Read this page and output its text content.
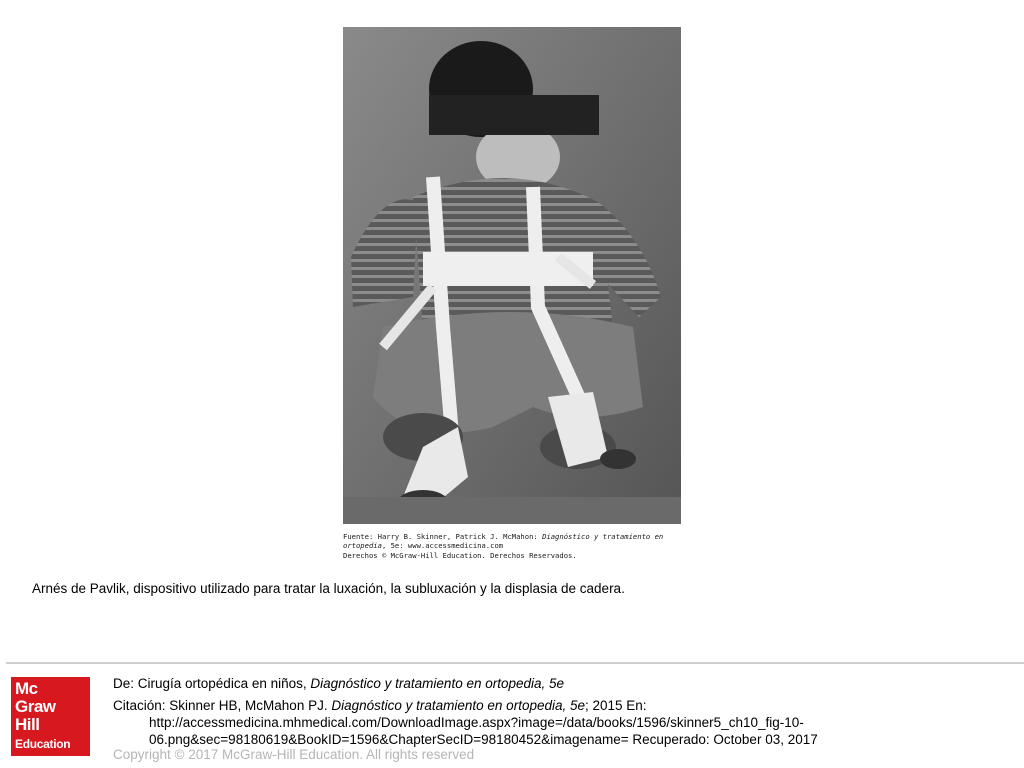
Fuente: Harry B. Skinner, Patrick J. McMahon: Diagnóstico y tratamiento en
ortopedia, 5e: www.accessmedicina.com
Derechos © McGraw-Hill Education. Derechos Reservados.
Arnés de Pavlik, dispositivo utilizado para tratar la luxación, la subluxación y la displasia de cadera.
Mc
Graw
Hill
Education

De: Cirugía ortopédica en niños, Diagnóstico y tratamiento en ortopedia, 5e

Citación: Skinner HB, McMahon PJ. Diagnóstico y tratamiento en ortopedia, 5e; 2015 En: http://accessmedicina.mhmedical.com/DownloadImage.aspx?image=/data/books/1596/skinner5_ch10_fig-10-06.png&sec=98180619&BookID=1596&ChapterSecID=98180452&imagename= Recuperado: October 03, 2017

Copyright © 2017 McGraw-Hill Education. All rights reserved
